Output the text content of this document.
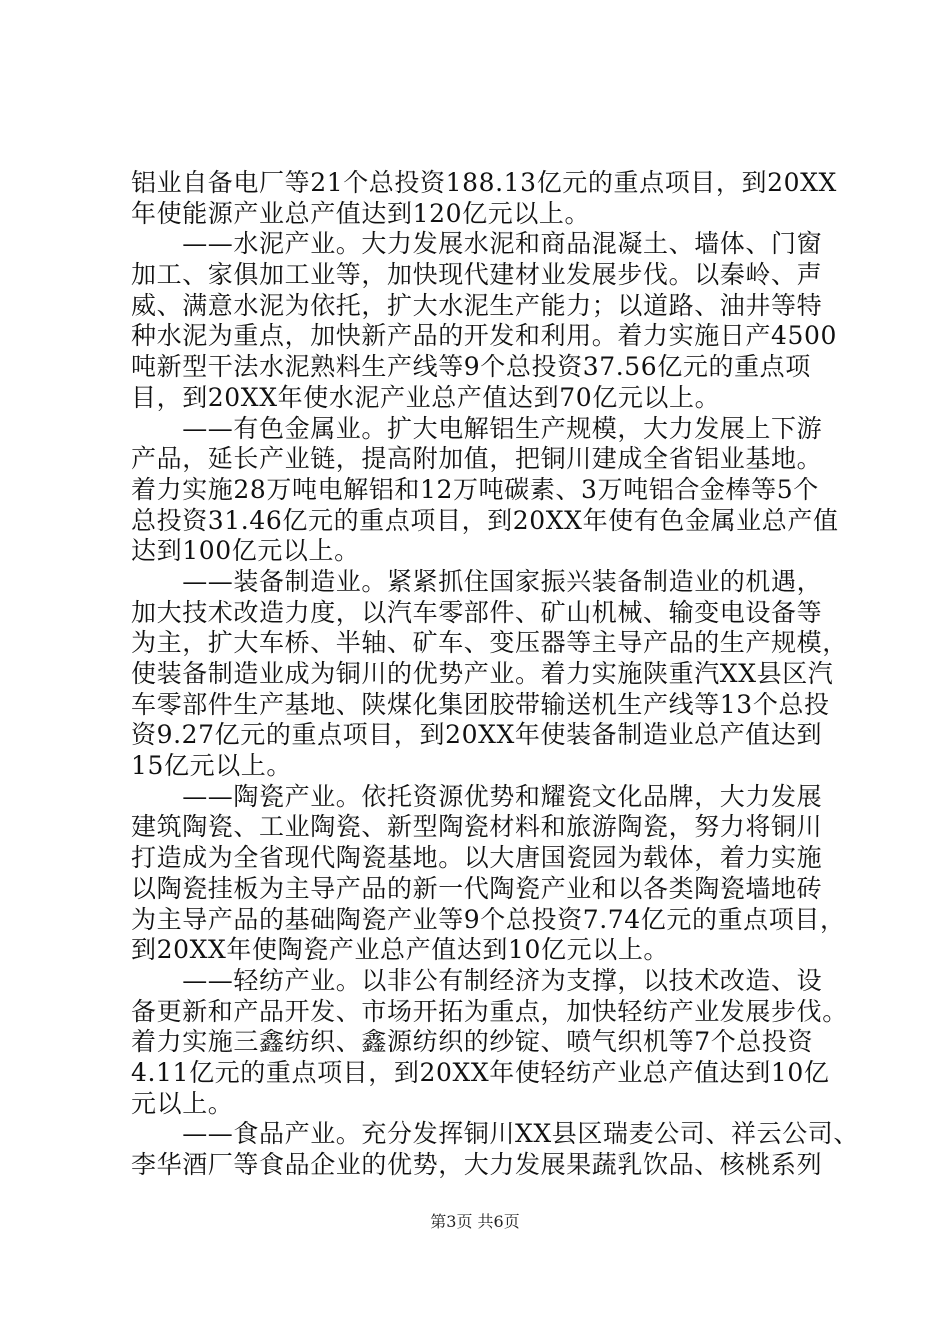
铝业自备电厂等21个总投资188.13亿元的重点项目，到20XX
年使能源产业总产值达到120亿元以上。
　　——水泥产业。大力发展水泥和商品混凝土、墙体、门窗
加工、家俱加工业等，加快现代建材业发展步伐。以秦岭、声
威、满意水泥为依托，扩大水泥生产能力；以道路、油井等特
种水泥为重点，加快新产品的开发和利用。着力实施日产4500
吨新型干法水泥熟料生产线等9个总投资37.56亿元的重点项
目，到20XX年使水泥产业总产值达到70亿元以上。
　　——有色金属业。扩大电解铝生产规模，大力发展上下游
产品，延长产业链，提高附加值，把铜川建成全省铝业基地。
着力实施28万吨电解铝和12万吨碳素、3万吨铝合金棒等5个
总投资31.46亿元的重点项目，到20XX年使有色金属业总产值
达到100亿元以上。
　　——装备制造业。紧紧抓住国家振兴装备制造业的机遇，
加大技术改造力度，以汽车零部件、矿山机械、输变电设备等
为主，扩大车桥、半轴、矿车、变压器等主导产品的生产规模，
使装备制造业成为铜川的优势产业。着力实施陕重汽XX县区汽
车零部件生产基地、陕煤化集团胶带输送机生产线等13个总投
资9.27亿元的重点项目，到20XX年使装备制造业总产值达到
15亿元以上。
　　——陶瓷产业。依托资源优势和耀瓷文化品牌，大力发展
建筑陶瓷、工业陶瓷、新型陶瓷材料和旅游陶瓷，努力将铜川
打造成为全省现代陶瓷基地。以大唐国瓷园为载体，着力实施
以陶瓷挂板为主导产品的新一代陶瓷产业和以各类陶瓷墙地砖
为主导产品的基础陶瓷产业等9个总投资7.74亿元的重点项目，
到20XX年使陶瓷产业总产值达到10亿元以上。
　　——轻纺产业。以非公有制经济为支撑，以技术改造、设
备更新和产品开发、市场开拓为重点，加快轻纺产业发展步伐。
着力实施三鑫纺织、鑫源纺织的纱锭、喷气织机等7个总投资
4.11亿元的重点项目，到20XX年使轻纺产业总产值达到10亿
元以上。
　　——食品产业。充分发挥铜川XX县区瑞麦公司、祥云公司、
李华酒厂等食品企业的优势，大力发展果蔬乳饮品、核桃系列
第3页 共6页
